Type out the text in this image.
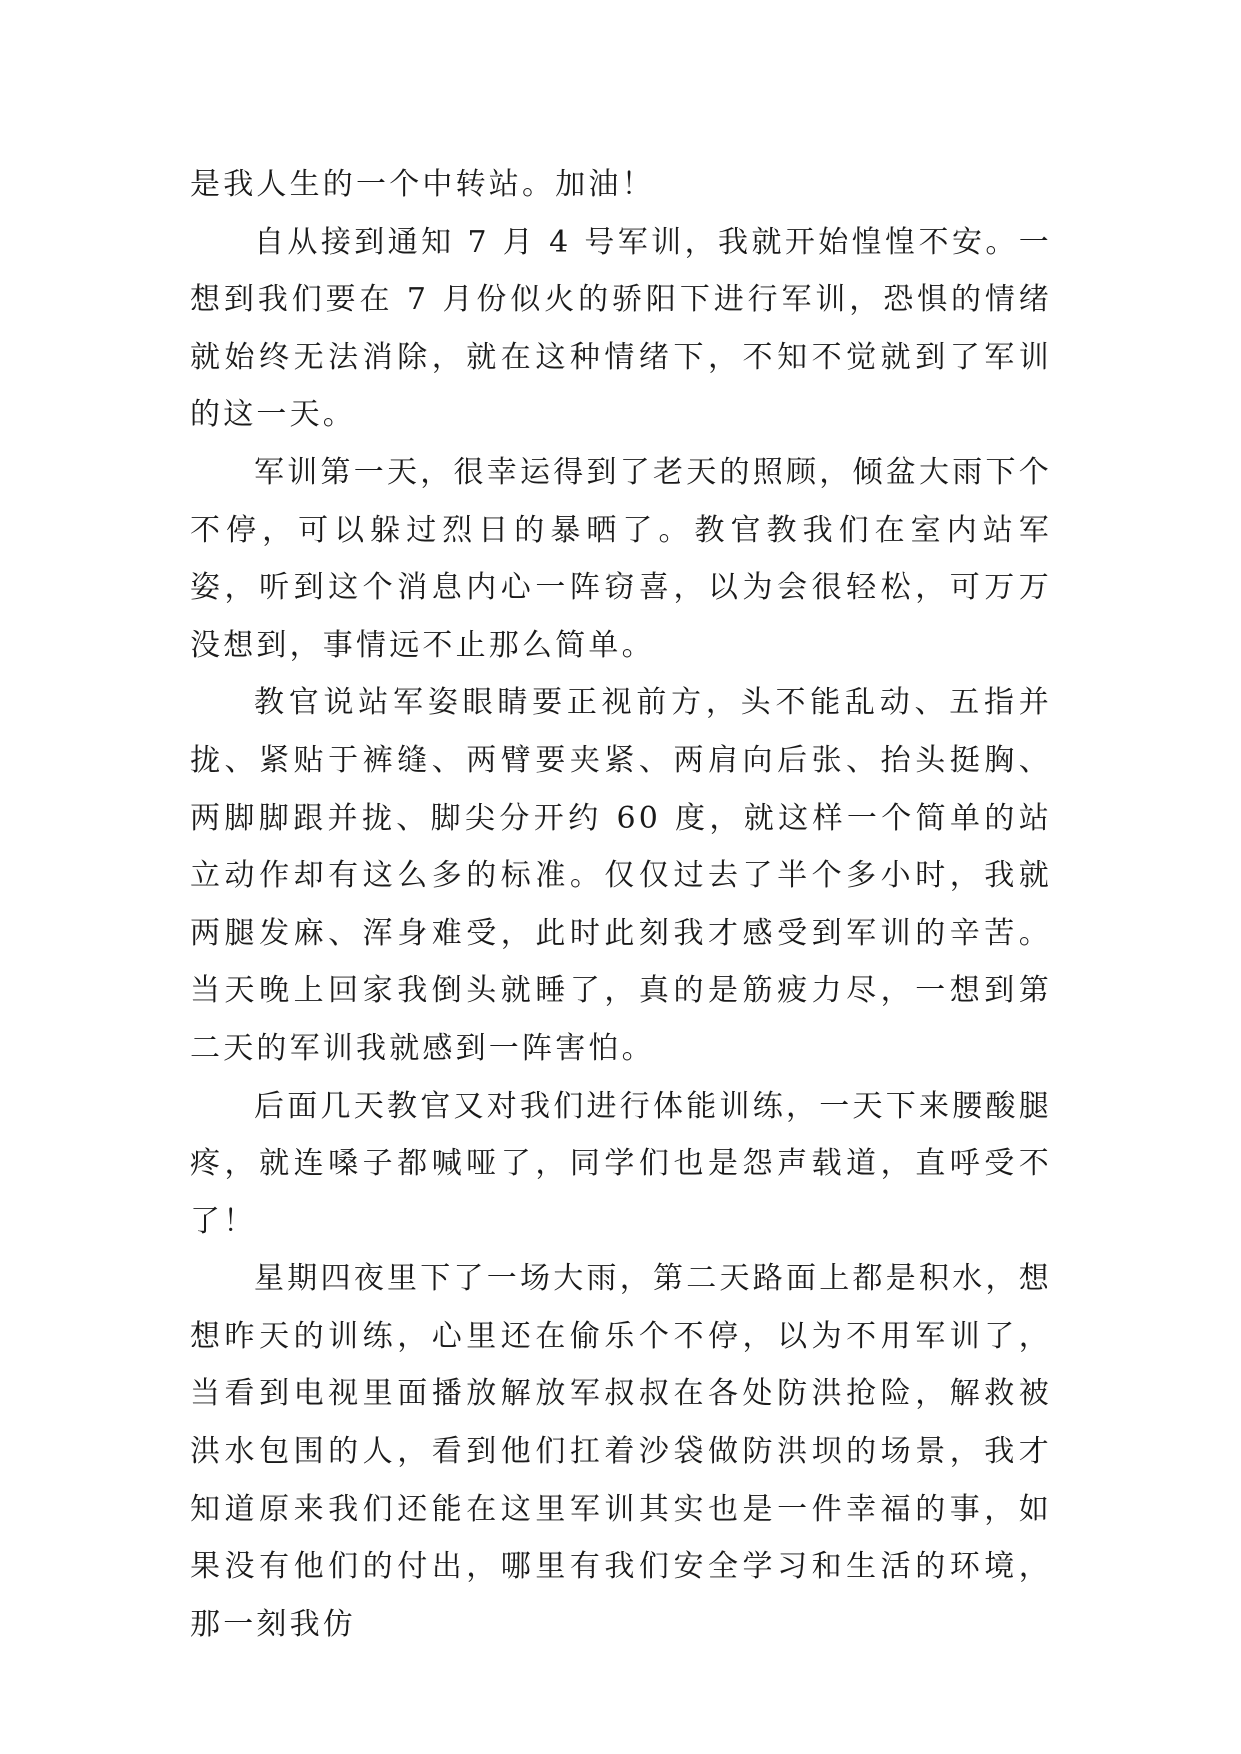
是我人生的一个中转站。加油！

自从接到通知 7 月 4 号军训，我就开始惶惶不安。一想到我们要在 7 月份似火的骄阳下进行军训，恐惧的情绪就始终无法消除，就在这种情绪下，不知不觉就到了军训的这一天。

军训第一天，很幸运得到了老天的照顾，倾盆大雨下个不停，可以躲过烈日的暴晒了。教官教我们在室内站军姿，听到这个消息内心一阵窃喜，以为会很轻松，可万万没想到，事情远不止那么简单。

教官说站军姿眼睛要正视前方，头不能乱动、五指并拢、紧贴于裤缝、两臂要夹紧、两肩向后张、抬头挺胸、两脚脚跟并拢、脚尖分开约 60 度，就这样一个简单的站立动作却有这么多的标准。仅仅过去了半个多小时，我就两腿发麻、浑身难受，此时此刻我才感受到军训的辛苦。当天晚上回家我倒头就睡了，真的是筋疲力尽，一想到第二天的军训我就感到一阵害怕。

后面几天教官又对我们进行体能训练，一天下来腰酸腿疼，就连嗓子都喊哑了，同学们也是怨声载道，直呼受不了！

星期四夜里下了一场大雨，第二天路面上都是积水，想想昨天的训练，心里还在偷乐个不停，以为不用军训了，当看到电视里面播放解放军叔叔在各处防洪抢险，解救被洪水包围的人，看到他们扛着沙袋做防洪坝的场景，我才知道原来我们还能在这里军训其实也是一件幸福的事，如果没有他们的付出，哪里有我们安全学习和生活的环境，那一刻我仿
